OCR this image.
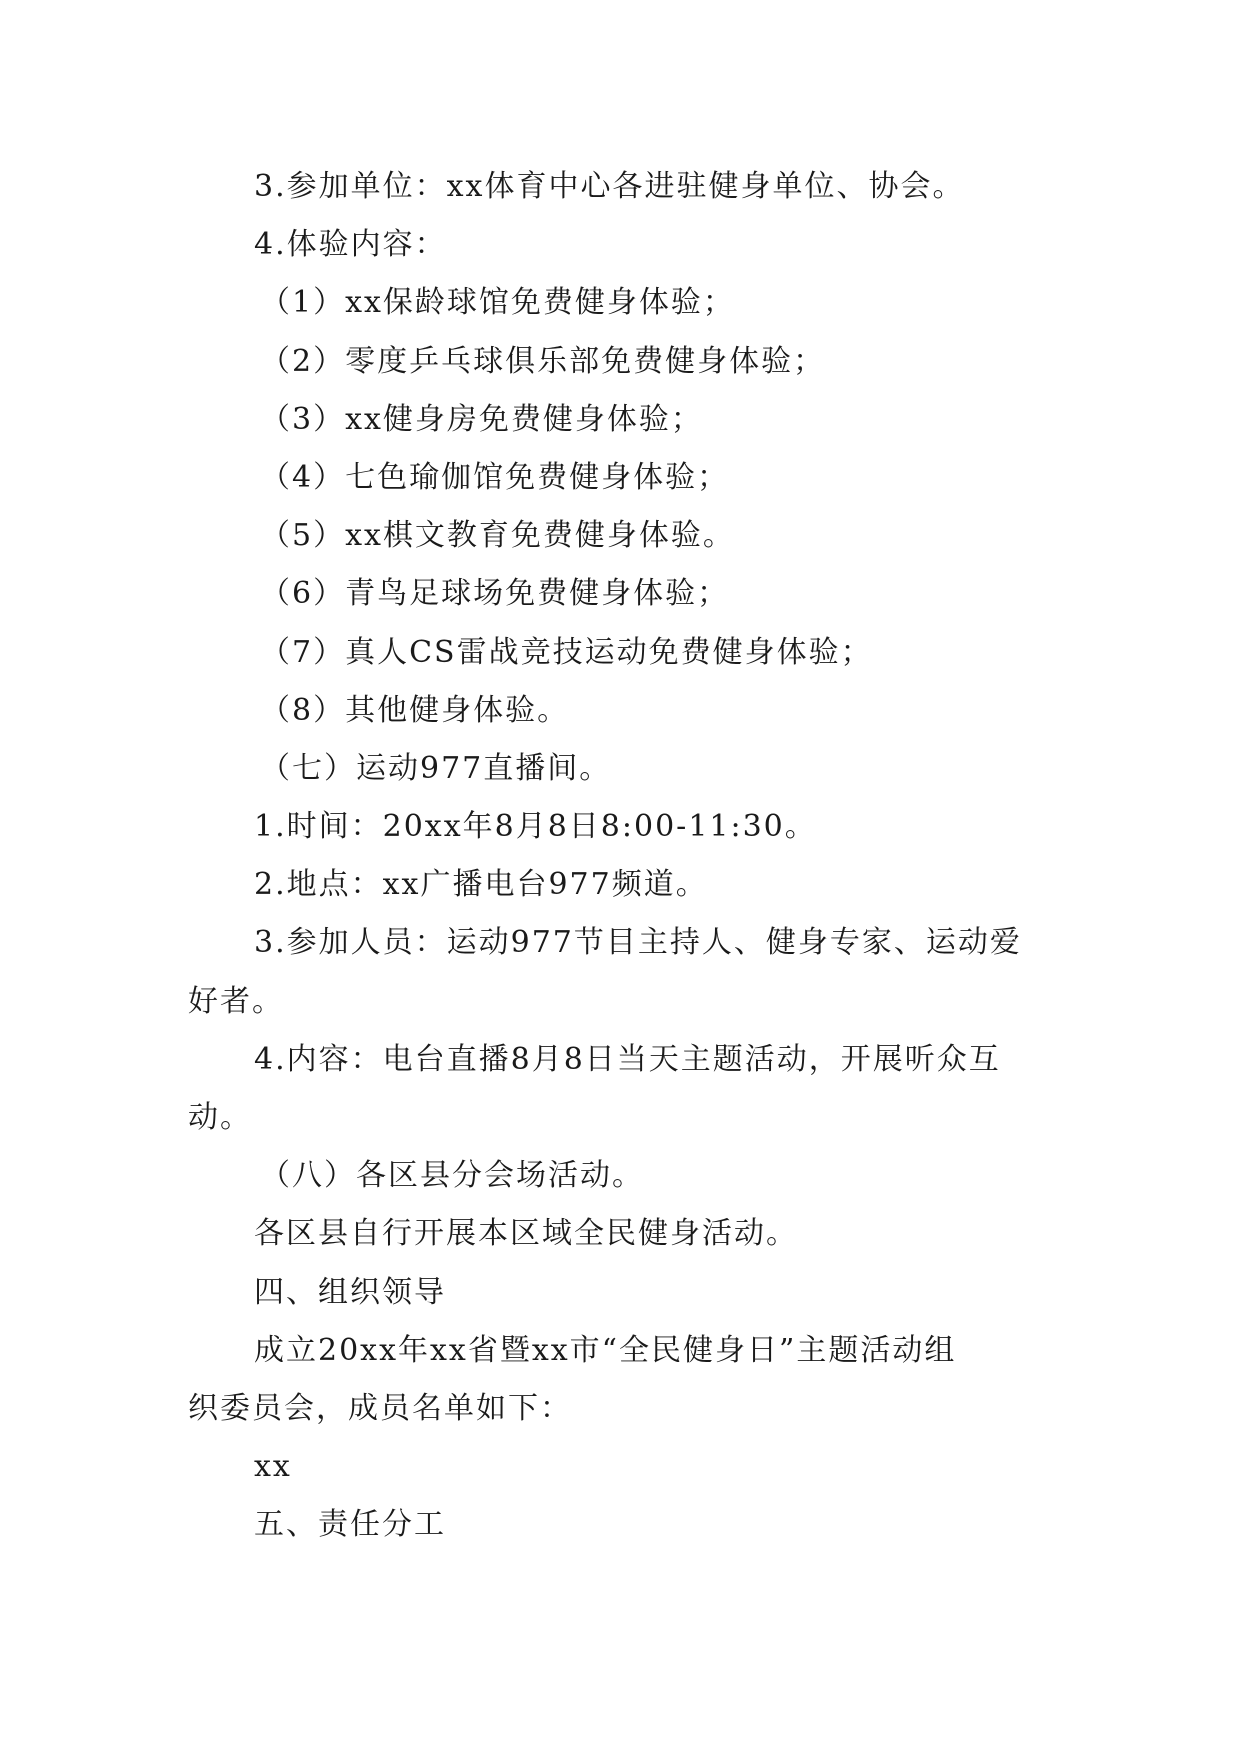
3.参加单位：xx体育中心各进驻健身单位、协会。
4.体验内容：
（1）xx保龄球馆免费健身体验；
（2）零度乒乓球俱乐部免费健身体验；
（3）xx健身房免费健身体验；
（4）七色瑜伽馆免费健身体验；
（5）xx棋文教育免费健身体验。
（6）青鸟足球场免费健身体验；
（7）真人CS雷战竞技运动免费健身体验；
（8）其他健身体验。
（七）运动977直播间。
1.时间：20xx年8月8日8:00-11:30。
2.地点：xx广播电台977频道。
3.参加人员：运动977节目主持人、健身专家、运动爱
好者。
4.内容：电台直播8月8日当天主题活动，开展听众互
动。
（八）各区县分会场活动。
各区县自行开展本区域全民健身活动。
四、组织领导
成立20xx年xx省暨xx市“全民健身日”主题活动组
织委员会，成员名单如下：
xx
五、责任分工
